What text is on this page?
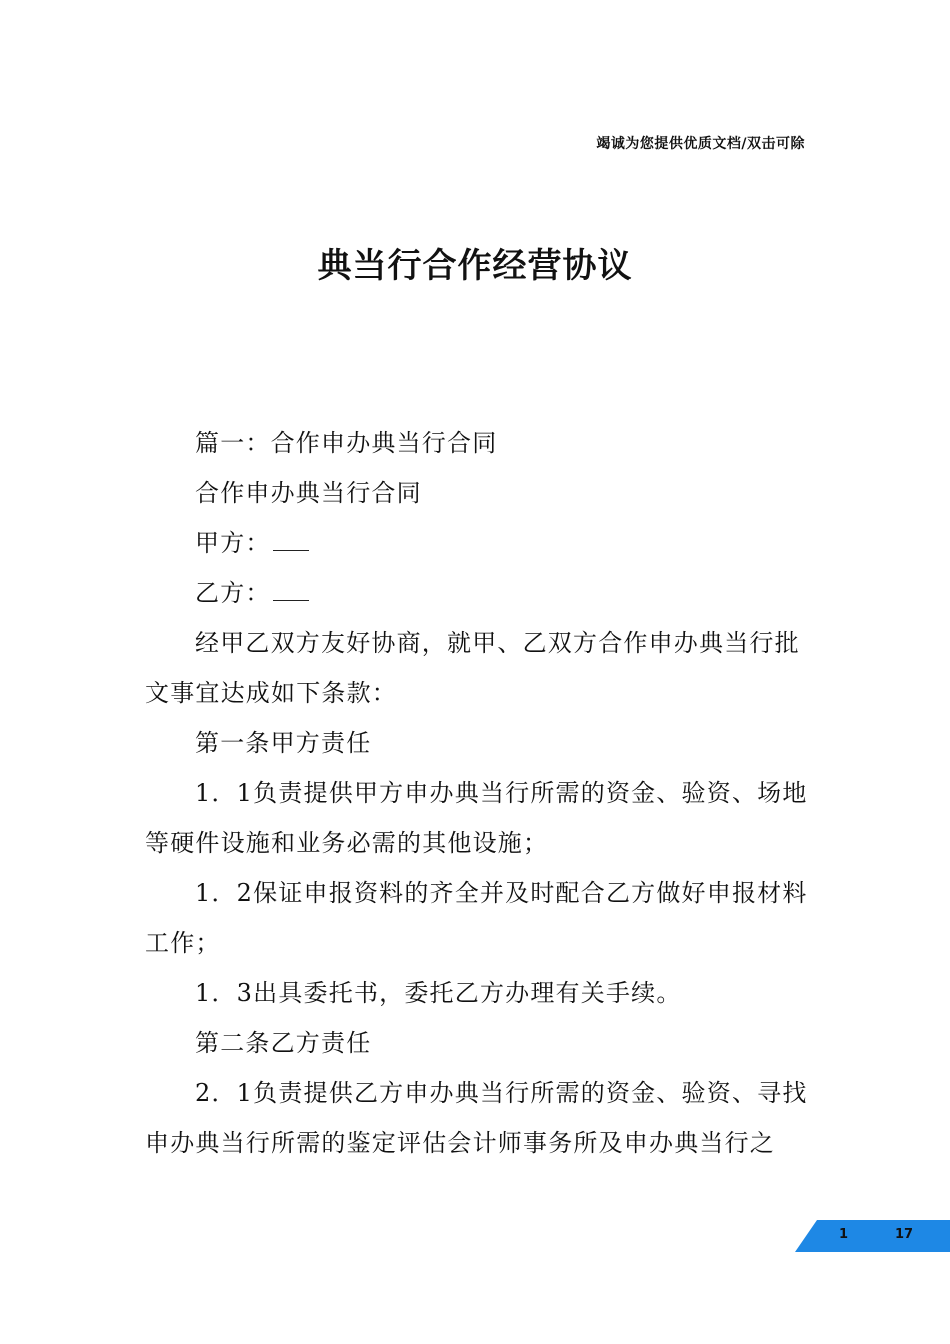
竭诚为您提供优质文档/双击可除
典当行合作经营协议

篇一：合作申办典当行合同

合作申办典当行合同

甲方：

乙方：

经甲乙双方友好协商，就甲、乙双方合作申办典当行批文事宜达成如下条款：

第一条甲方责任

1．1负责提供甲方申办典当行所需的资金、验资、场地等硬件设施和业务必需的其他设施；

1．2保证申报资料的齐全并及时配合乙方做好申报材料工作；

1．3出具委托书，委托乙方办理有关手续。

第二条乙方责任

2．1负责提供乙方申办典当行所需的资金、验资、寻找申办典当行所需的鉴定评估会计师事务所及申办典当行之

1	17
